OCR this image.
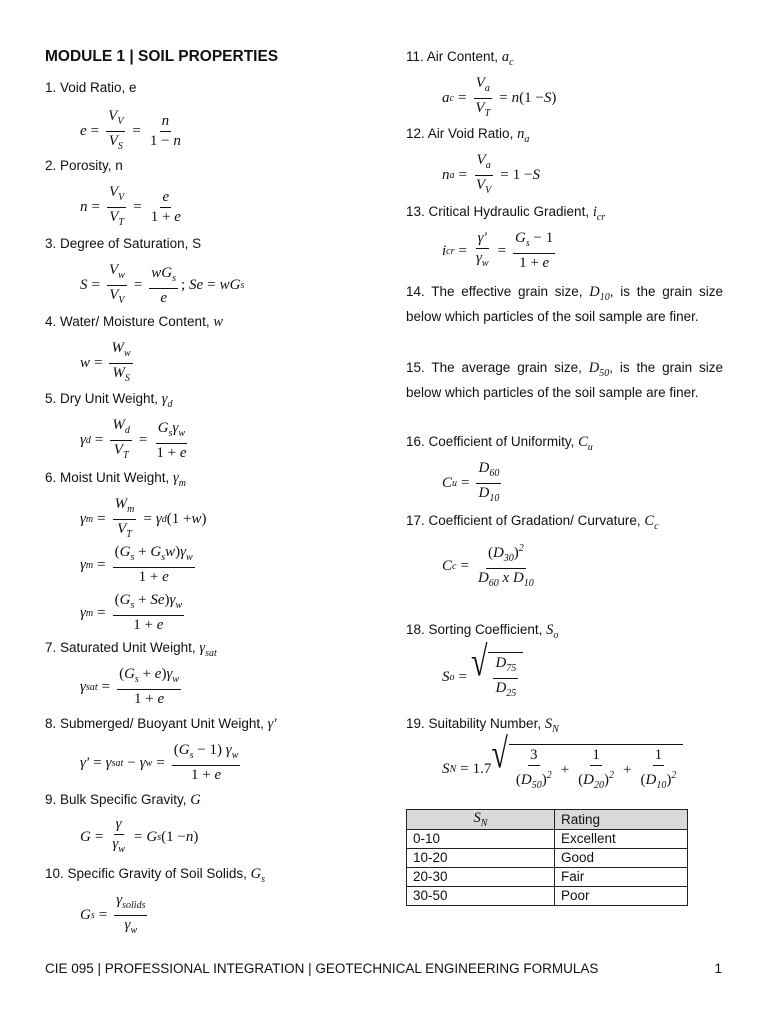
MODULE 1 | SOIL PROPERTIES
1. Void Ratio, e
$e = \frac{V_V}{V_S} = \frac{n}{1 - n}$
2. Porosity, n
$n = \frac{V_V}{V_T} = \frac{e}{1 + e}$
3. Degree of Saturation, S
$S = \frac{V_w}{V_V} = \frac{wG_s}{e}$ ; Se = wG s
4. Water/ Moisture Content, w
$w = \frac{W_w}{W_S}$
5. Dry Unit Weight, $\gamma_d$
γ $d = \frac{W_d}{V_T} = \frac{G_s\gamma_w}{1 + e}$
6. Moist Unit Weight, $\gamma_m$
γ $m = \frac{W_m}{V_T} = \gamma$ d (1 + w )
γ $m = \frac{(G_s + G_sw)\gamma_w}{1 + e}$
γ $m = \frac{(G_s + Se)\gamma_w}{1 + e}$
7. Saturated Unit Weight, $\gamma_{sat}$
γ sat = $\frac{(G_s + e)\gamma_w}{1 + e}$
8. Submerged/ Buoyant Unit Weight, γ′
γ′ = γ sat − γ $w = \frac{(G_s - 1) \gamma_w}{1 + e}$
9. Bulk Specific Gravity, G
$G = \frac{\gamma}{\gamma_w} = G$ s (1 − n )
10. Specific Gravity of Soil Solids, $G_s$
G $s = \frac{\gamma_{solids}}{\gamma_w}$
11. Air Content, $a_c$
a $c = \frac{V_a}{V_T} = n$ (1 − S )
12. Air Void Ratio, $n_a$
n $a = \frac{V_a}{V_V} = 1 - S$
13. Critical Hydraulic Gradient, $i_{cr}$
i cr = $\frac{\gamma'}{\gamma_w} = \frac{G_s - 1}{1 + e}$
14. The effective grain size, $D_{10}$, is the grain size below which particles of the soil sample are finer.
15. The average grain size, $D_{50}$, is the grain size below which particles of the soil sample are finer.
16. Coefficient of Uniformity, $C_u$
C $u = \frac{D_{60}}{D_{10}}$
17. Coefficient of Gradation/ Curvature, $C_c$
C $c = \frac{(D_{30})^2}{D_{60} x D_{10}}$
18. Sorting Coefficient, $S_o$
S o = √ $\frac{D_{75}}{D_{25}}$
19. Suitability Number, $S_N$
S N = 1.7 √ $\frac{3}{(D_{50})^2} + \frac{1}{(D_{20})^2} + \frac{1}{(D_{10})^2}$
$S_N$	Rating
0-10	Excellent
10-20	Good
20-30	Fair
30-50	Poor
CIE 095 | PROFESSIONAL INTEGRATION | GEOTECHNICAL ENGINEERING FORMULAS	1
